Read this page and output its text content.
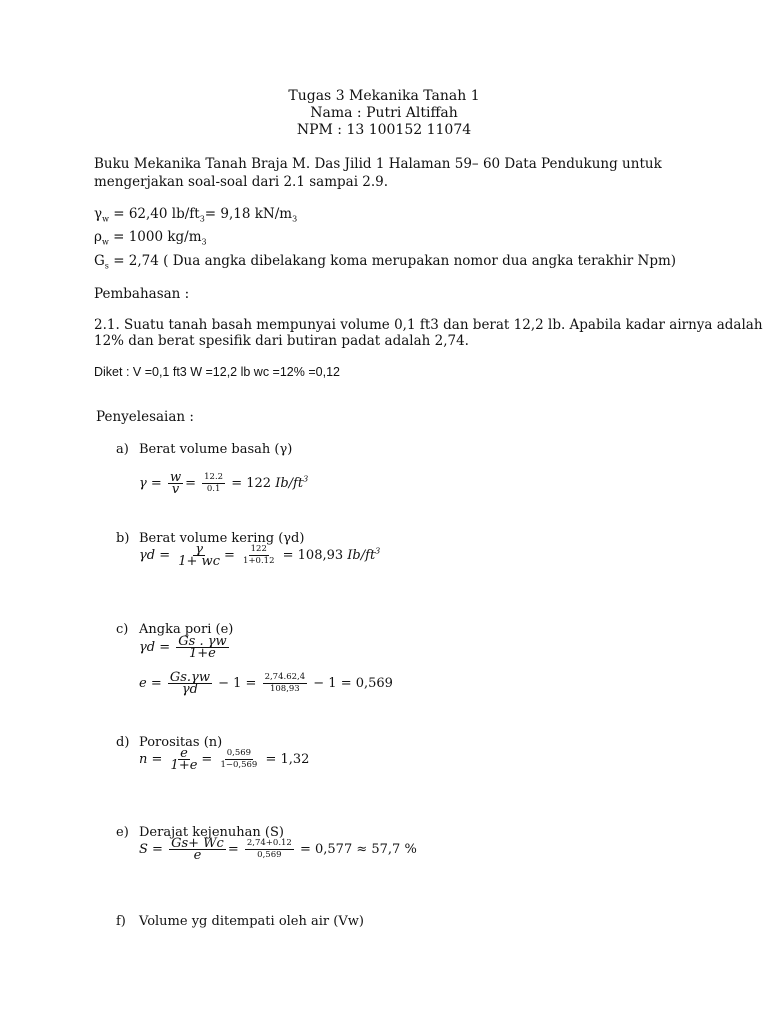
Tugas 3 Mekanika Tanah 1
Nama : Putri Altiffah
NPM : 13 100152 11074
Buku Mekanika Tanah Braja M. Das Jilid 1 Halaman 59– 60 Data Pendukung untuk
mengerjakan soal-soal dari 2.1 sampai 2.9.
$\gamma_w = 62,40$ $lb/ft_3= 9,18$ $kN/m_3$
$\rho_w = 1000$ $kg/m_3$
$G_s = 2,74$ ( Dua angka dibelakang koma merupakan nomor dua angka terakhir Npm)
Pembahasan :
2.1. Suatu tanah basah mempunyai volume 0,1 ft3 dan berat 12,2 lb. Apabila kadar airnya adalah
12% dan berat spesifik dari butiran padat adalah 2,74.
Diket : V =0,1 ft3 W =12,2 lb wc =12% =0,12
Penyelesaian :
a) Berat volume basah (γ)
$\gamma = \frac{w}{v} = \frac{12.2}{0.1} = 122$ $Ib/ft^3$
b) Berat volume kering (γd)
$\gamma d = \frac{\gamma}{1+ wc} = \frac{122}{1+0.12} = 108,93$ $Ib/ft^3$
c) Angka pori (e)
$\gamma d = \frac{Gs . \gamma w}{1+e}$
$e = \frac{Gs.\gamma w}{\gamma d} - 1 = \frac{2,74.62,4}{108,93} - 1 = 0,569$
d) Porositas (n)
$n = \frac{e}{1+e} = \frac{0,569}{1-0,569} = 1,32$
e) Derajat kejenuhan (S)
$S = \frac{Gs+ Wc}{e} = \frac{2,74+0.12}{0,569} = 0,577 \approx 57,7$ %
f) Volume yg ditempati oleh air (Vw)
